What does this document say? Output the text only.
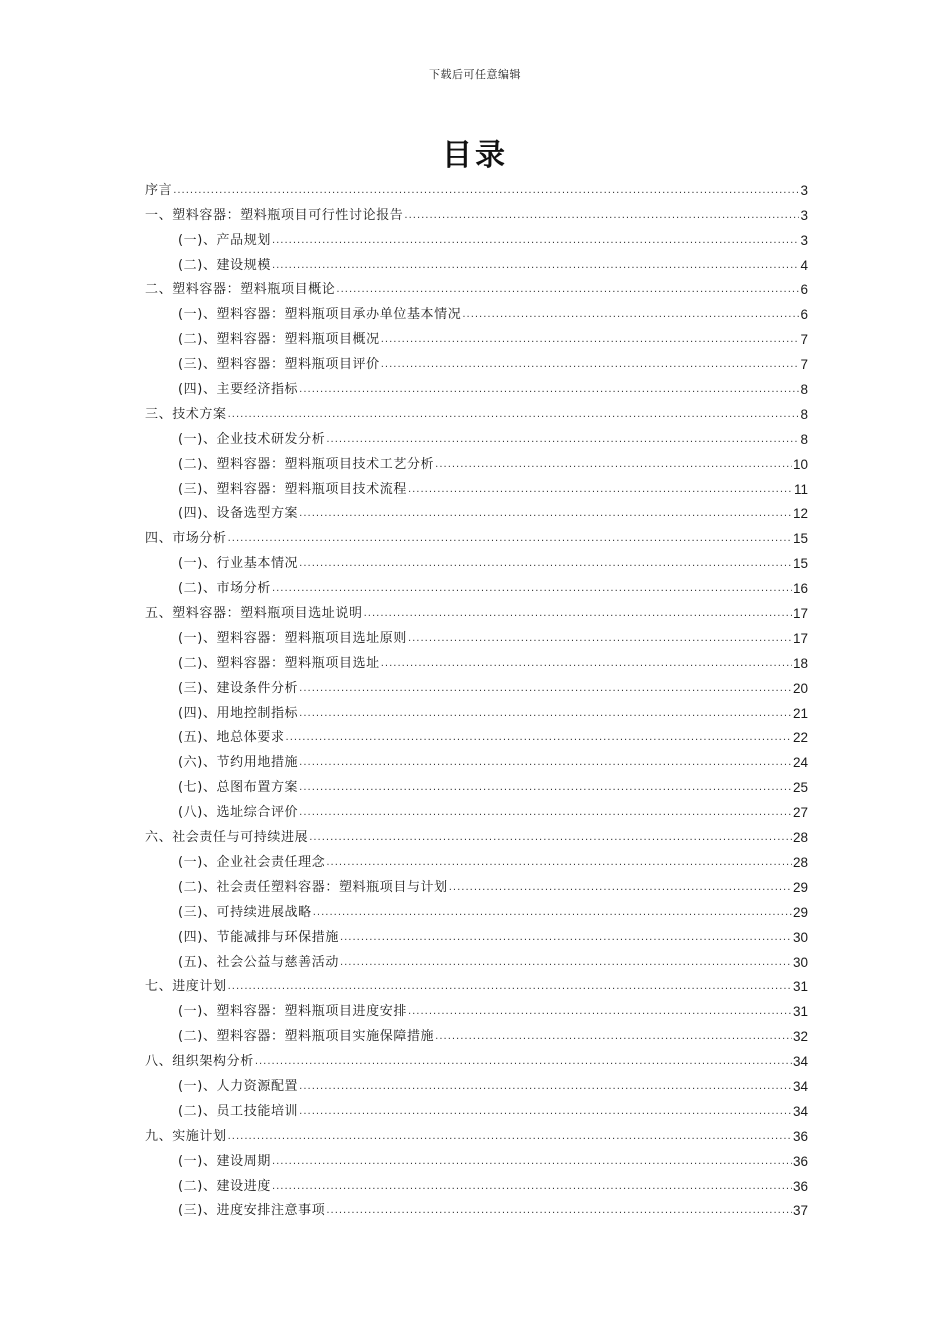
下载后可任意编辑
目录
序言 .....	3
一、塑料容器：塑料瓶项目可行性讨论报告 .....	3
(一)、产品规划 .....	3
(二)、建设规模 .....	4
二、塑料容器：塑料瓶项目概论 .....	6
(一)、塑料容器：塑料瓶项目承办单位基本情况 .....	6
(二)、塑料容器：塑料瓶项目概况 .....	7
(三)、塑料容器：塑料瓶项目评价 .....	7
(四)、主要经济指标 .....	8
三、技术方案 .....	8
(一)、企业技术研发分析 .....	8
(二)、塑料容器：塑料瓶项目技术工艺分析 .....	10
(三)、塑料容器：塑料瓶项目技术流程 .....	11
(四)、设备选型方案 .....	12
四、市场分析 .....	15
(一)、行业基本情况 .....	15
(二)、市场分析 .....	16
五、塑料容器：塑料瓶项目选址说明 .....	17
(一)、塑料容器：塑料瓶项目选址原则 .....	17
(二)、塑料容器：塑料瓶项目选址 .....	18
(三)、建设条件分析 .....	20
(四)、用地控制指标 .....	21
(五)、地总体要求 .....	22
(六)、节约用地措施 .....	24
(七)、总图布置方案 .....	25
(八)、选址综合评价 .....	27
六、社会责任与可持续进展 .....	28
(一)、企业社会责任理念 .....	28
(二)、社会责任塑料容器：塑料瓶项目与计划 .....	29
(三)、可持续进展战略 .....	29
(四)、节能减排与环保措施 .....	30
(五)、社会公益与慈善活动 .....	30
七、进度计划 .....	31
(一)、塑料容器：塑料瓶项目进度安排 .....	31
(二)、塑料容器：塑料瓶项目实施保障措施 .....	32
八、组织架构分析 .....	34
(一)、人力资源配置 .....	34
(二)、员工技能培训 .....	34
九、实施计划 .....	36
(一)、建设周期 .....	36
(二)、建设进度 .....	36
(三)、进度安排注意事项 .....	37
